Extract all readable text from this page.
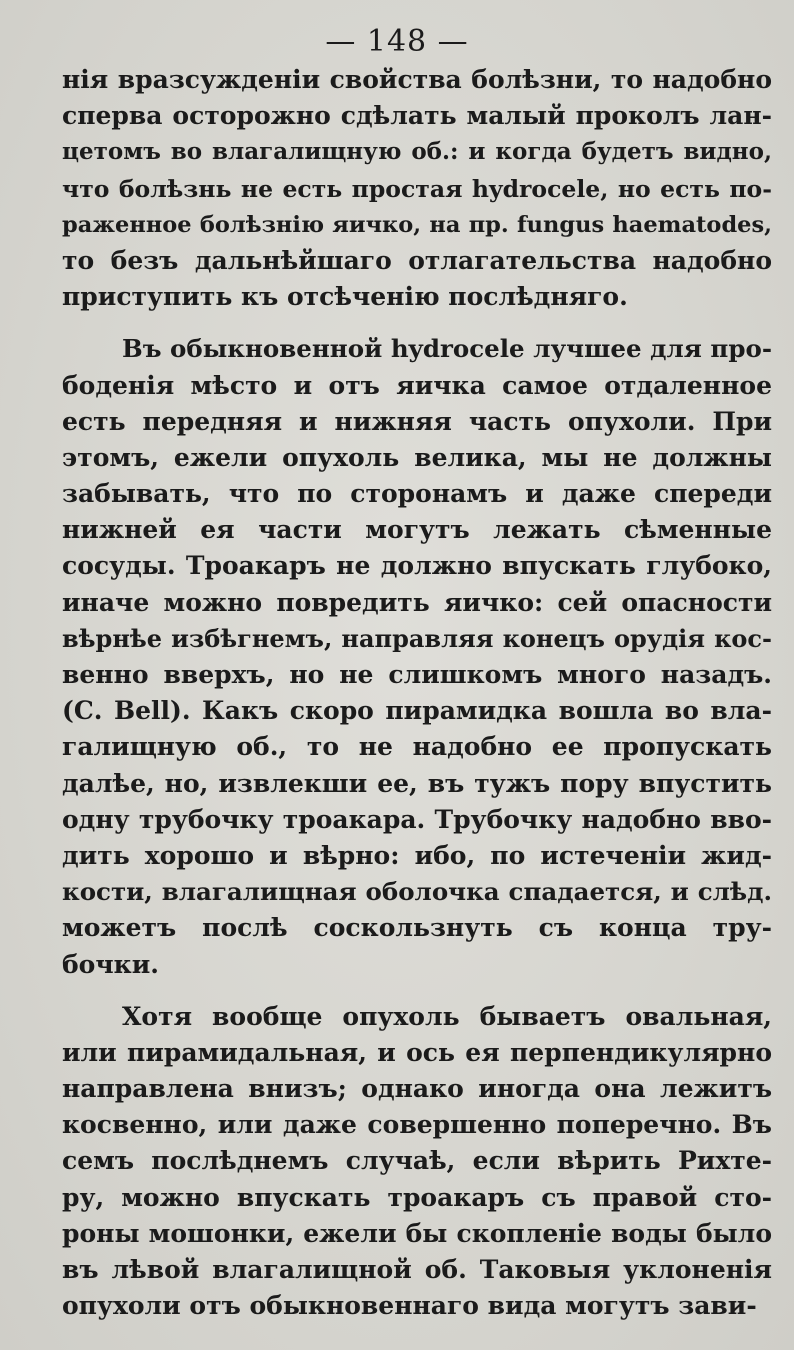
— 148 —
нія вразсужденіи свойства болѣзни, то надобно
сперва осторожно сдѣлать малый проколъ лан-
цетомъ во влагалищную об.: и когда будетъ видно,
что болѣзнь не есть простая hydrocele, но есть по-
раженное болѣзнію яичко, на пр. fungus haematodes,
то безъ дальнѣйшаго отлагательства надобно
приступить къ отсѣченію послѣдняго.
Въ обыкновенной hydrocele лучшее для про-
боденія мѣсто и отъ яичка самое отдаленное
есть передняя и нижняя часть опухоли. При
этомъ, ежели опухоль велика, мы не должны
забывать, что по сторонамъ и даже спереди
нижней ея части могутъ лежать сѣменные
сосуды. Троакаръ не должно впускать глубоко,
иначе можно повредить яичко: сей опасности
вѣрнѣе избѣгнемъ, направляя конецъ орудія кос-
венно вверхъ, но не слишкомъ много назадъ.
(С. Bell). Какъ скоро пирамидка вошла во вла-
галищную об., то не надобно ее пропускать
далѣе, но, извлекши ее, въ тужъ пору впустить
одну трубочку троакара. Трубочку надобно вво-
дить хорошо и вѣрно: ибо, по истеченіи жид-
кости, влагалищная оболочка спадается, и слѣд.
можетъ послѣ соскользнуть съ конца тру-
бочки.
Хотя вообще опухоль бываетъ овальная,
или пирамидальная, и ось ея перпендикулярно
направлена внизъ; однако иногда она лежитъ
косвенно, или даже совершенно поперечно. Въ
семъ послѣднемъ случаѣ, если вѣрить Рихте-
ру, можно впускать троакаръ съ правой сто-
роны мошонки, ежели бы скопленіе воды было
въ лѣвой влагалищной об. Таковыя уклоненія
опухоли отъ обыкновеннаго вида могутъ зави-
